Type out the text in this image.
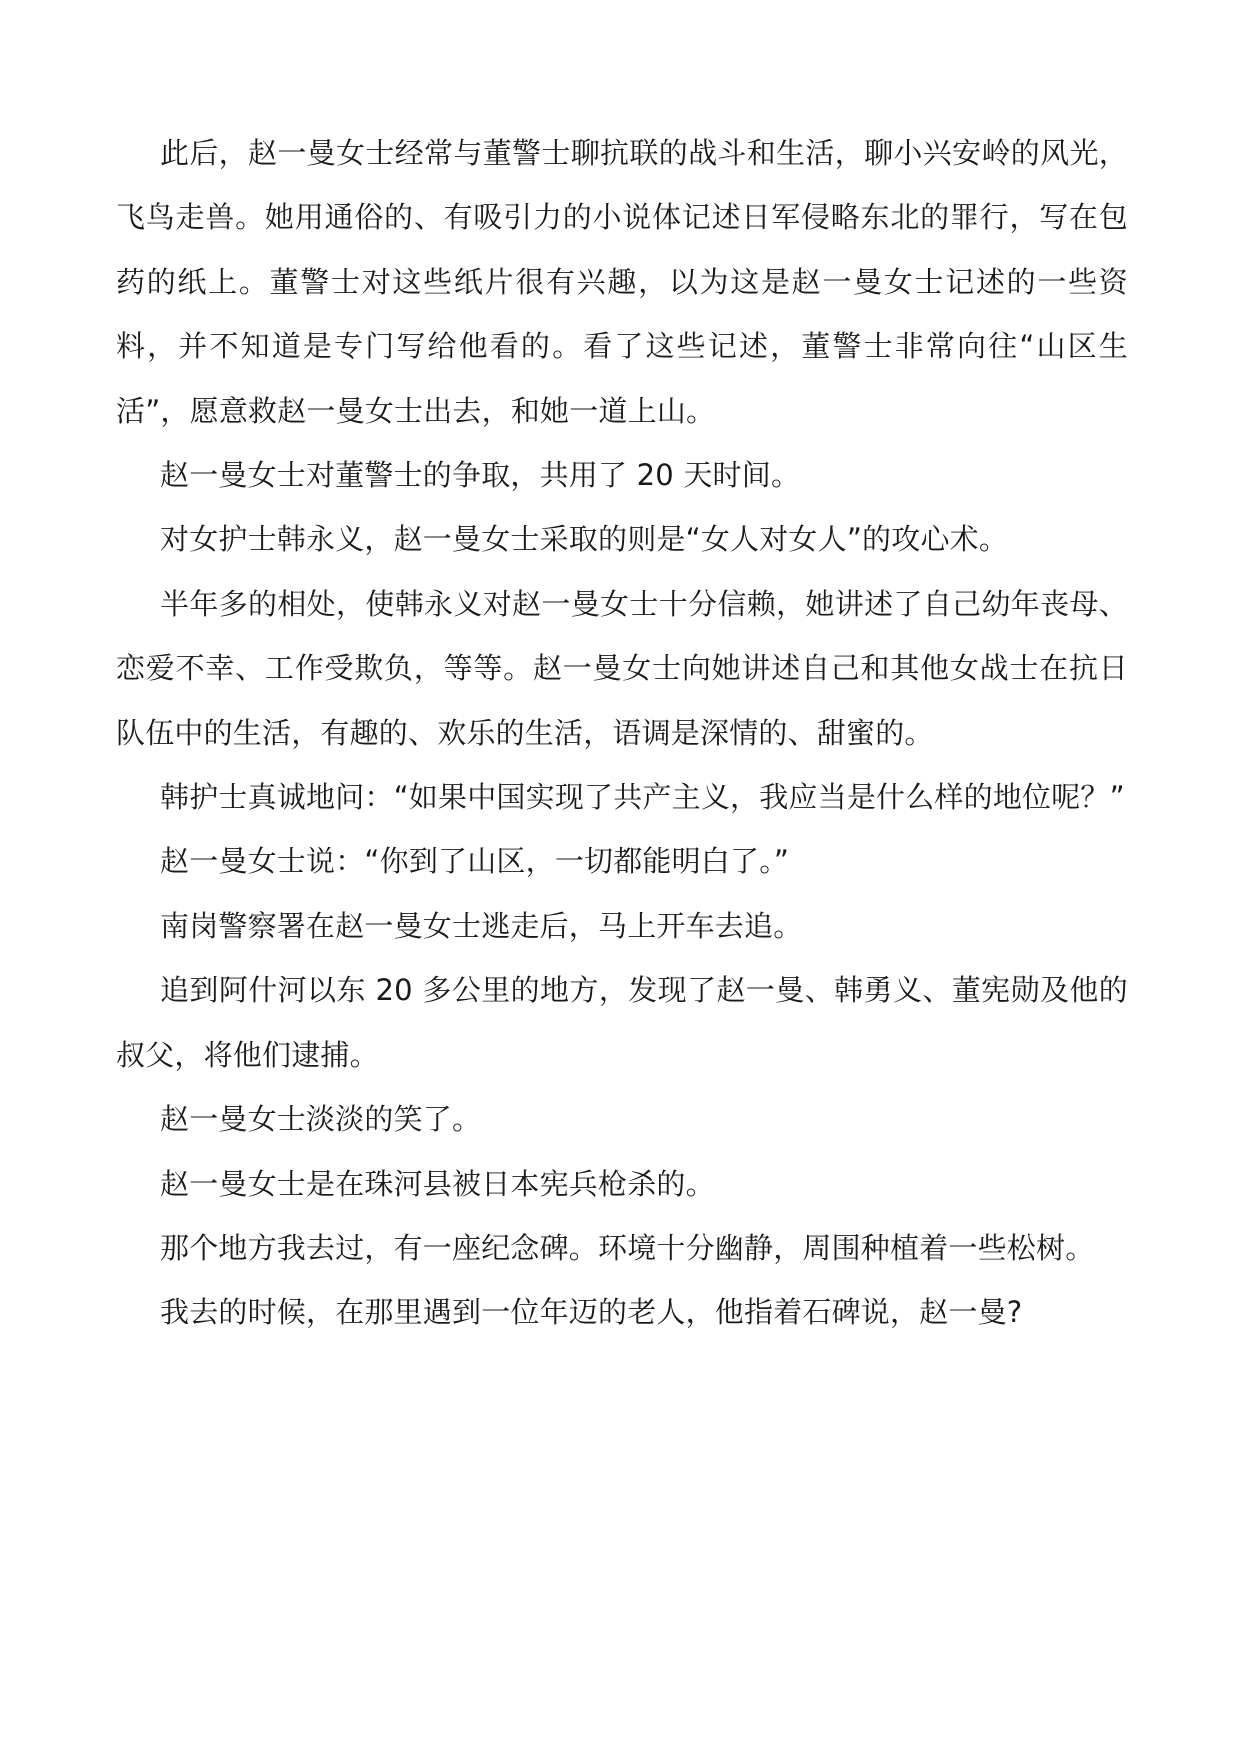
此后，赵一曼女士经常与董警士聊抗联的战斗和生活，聊小兴安岭的风光，飞鸟走兽。她用通俗的、有吸引力的小说体记述日军侵略东北的罪行，写在包药的纸上。董警士对这些纸片很有兴趣，以为这是赵一曼女士记述的一些资料，并不知道是专门写给他看的。看了这些记述，董警士非常向往“山区生活”，愿意救赵一曼女士出去，和她一道上山。

赵一曼女士对董警士的争取，共用了 20 天时间。

对女护士韩永义，赵一曼女士采取的则是“女人对女人”的攻心术。

半年多的相处，使韩永义对赵一曼女士十分信赖，她讲述了自己幼年丧母、恋爱不幸、工作受欺负，等等。赵一曼女士向她讲述自己和其他女战士在抗日队伍中的生活，有趣的、欢乐的生活，语调是深情的、甜蜜的。

韩护士真诚地问：“如果中国实现了共产主义，我应当是什么样的地位呢？”

赵一曼女士说：“你到了山区，一切都能明白了。”

南岗警察署在赵一曼女士逃走后，马上开车去追。

追到阿什河以东 20 多公里的地方，发现了赵一曼、韩勇义、董宪勋及他的叔父，将他们逮捕。

赵一曼女士淡淡的笑了。

赵一曼女士是在珠河县被日本宪兵枪杀的。

那个地方我去过，有一座纪念碑。环境十分幽静，周围种植着一些松树。

我去的时候，在那里遇到一位年迈的老人，他指着石碑说，赵一曼?
